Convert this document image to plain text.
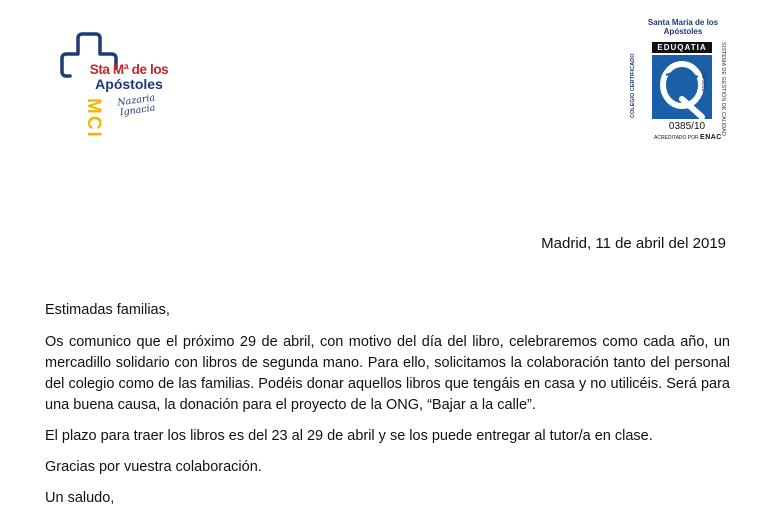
Sta Mª de los
Apóstoles
MCI	Nazaria Ignacia
Santa María de los
Apóstoles
EDUQATIA
COLEGIO CERTIFICADO	SISTEMA DE GESTIÓN DE CALIDAD
ISO 9001
0385/10
ACREDITADO POR ENAC
Madrid, 11 de abril del 2019

Estimadas familias,

Os comunico que el próximo 29 de abril, con motivo del día del libro, celebraremos como cada año, un mercadillo solidario con libros de segunda mano. Para ello, solicitamos la colaboración tanto del personal del colegio como de las familias. Podéis donar aquellos libros que tengáis en casa y no utilicéis. Será para una buena causa, la donación para el proyecto de la ONG, “Bajar a la calle”.

El plazo para traer los libros es del 23 al 29 de abril y se los puede entregar al tutor/a en clase.

Gracias por vuestra colaboración.

Un saludo,
